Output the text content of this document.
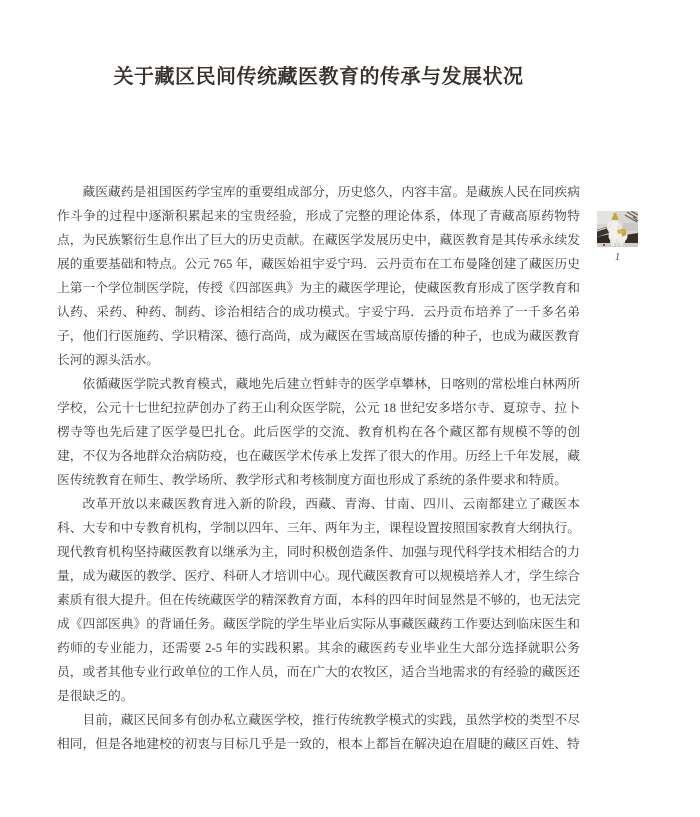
关于藏区民间传统藏医教育的传承与发展状况
1

藏医藏药是祖国医药学宝库的重要组成部分，历史悠久，内容丰富。是藏族人民在同疾病作斗争的过程中逐渐积累起来的宝贵经验，形成了完整的理论体系，体现了青藏高原药物特点，为民族繁衍生息作出了巨大的历史贡献。在藏医学发展历史中，藏医教育是其传承永续发展的重要基础和特点。公元 765 年，藏医始祖宇妥宁玛．云丹贡布在工布曼隆创建了藏医历史上第一个学位制医学院，传授《四部医典》为主的藏医学理论，使藏医教育形成了医学教育和认药、采药、种药、制药、诊治相结合的成功模式。宇妥宁玛．云丹贡布培养了一千多名弟子，他们行医施药、学识精深、德行高尚，成为藏医在雪域高原传播的种子，也成为藏医教育长河的源头活水。

依循藏医学院式教育模式，藏地先后建立哲蚌寺的医学卓攀林，日喀则的常松堆白林两所学校，公元十七世纪拉萨创办了药王山利众医学院，公元 18 世纪安多塔尔寺、夏琼寺、拉卜楞寺等也先后建了医学曼巴扎仓。此后医学的交流、教育机构在各个藏区都有规模不等的创建，不仅为各地群众治病防疫，也在藏医学术传承上发挥了很大的作用。历经上千年发展，藏医传统教育在师生、教学场所、教学形式和考核制度方面也形成了系统的条件要求和特质。

改革开放以来藏医教育进入新的阶段，西藏、青海、甘南、四川、云南都建立了藏医本科、大专和中专教育机构，学制以四年、三年、两年为主，课程设置按照国家教育大纲执行。现代教育机构坚持藏医教育以继承为主，同时积极创造条件、加强与现代科学技术相结合的力量，成为藏医的教学、医疗、科研人才培训中心。现代藏医教育可以规模培养人才，学生综合素质有很大提升。但在传统藏医学的精深教育方面，本科的四年时间显然是不够的，也无法完成《四部医典》的背诵任务。藏医学院的学生毕业后实际从事藏医藏药工作要达到临床医生和药师的专业能力，还需要 2-5 年的实践积累。其余的藏医药专业毕业生大部分选择就职公务员，或者其他专业行政单位的工作人员，而在广大的农牧区，适合当地需求的有经验的藏医还是很缺乏的。

目前，藏区民间多有创办私立藏医学校，推行传统教学模式的实践，虽然学校的类型不尽相同，但是各地建校的初衷与目标几乎是一致的，根本上都旨在解决迫在眉睫的藏区百姓、特
